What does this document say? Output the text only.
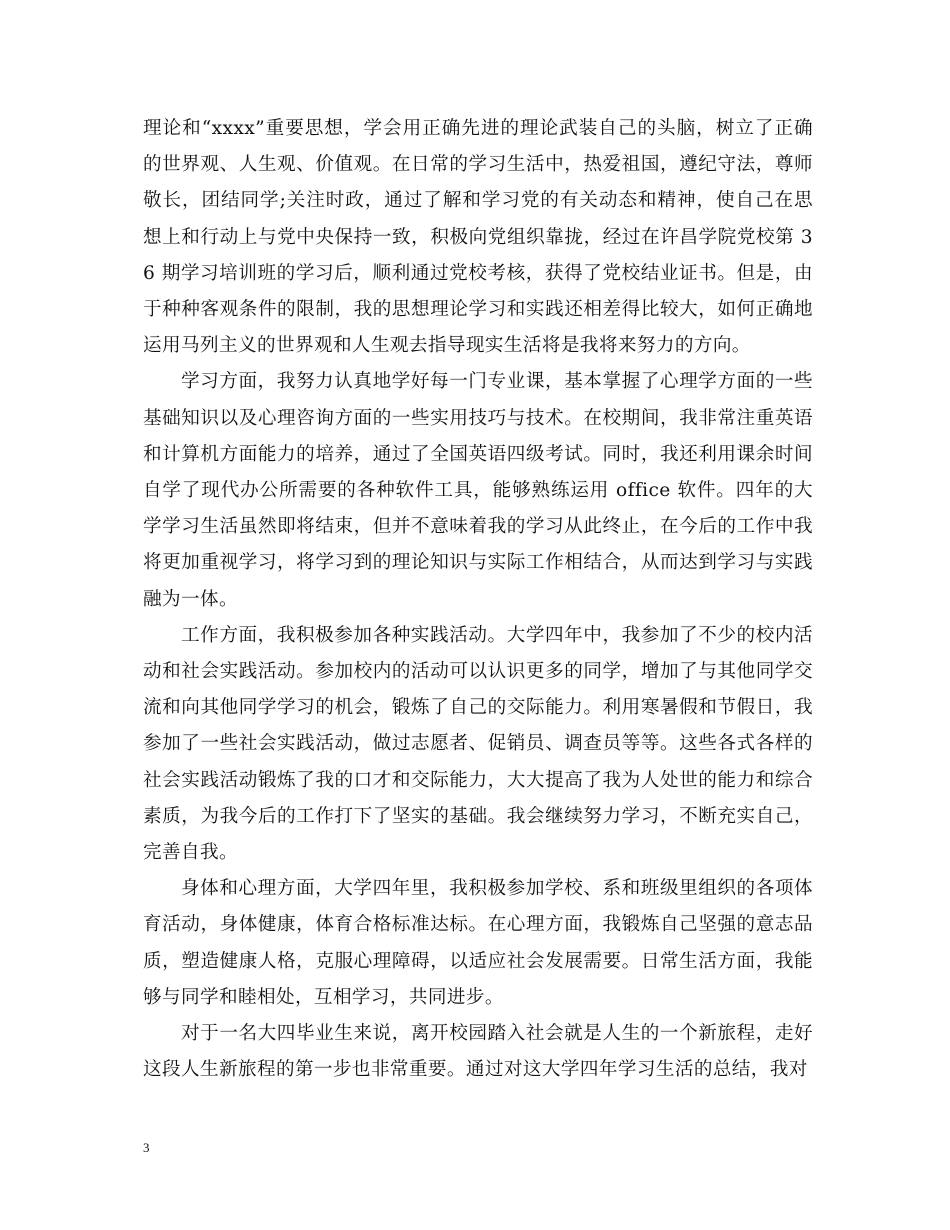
理论和“xxxx”重要思想，学会用正确先进的理论武装自己的头脑，树立了正确的世界观、人生观、价值观。在日常的学习生活中，热爱祖国，遵纪守法，尊师敬长，团结同学;关注时政，通过了解和学习党的有关动态和精神，使自己在思想上和行动上与党中央保持一致，积极向党组织靠拢，经过在许昌学院党校第 36 期学习培训班的学习后，顺利通过党校考核，获得了党校结业证书。但是，由于种种客观条件的限制，我的思想理论学习和实践还相差得比较大，如何正确地运用马列主义的世界观和人生观去指导现实生活将是我将来努力的方向。

学习方面，我努力认真地学好每一门专业课，基本掌握了心理学方面的一些基础知识以及心理咨询方面的一些实用技巧与技术。在校期间，我非常注重英语和计算机方面能力的培养，通过了全国英语四级考试。同时，我还利用课余时间自学了现代办公所需要的各种软件工具，能够熟练运用 office 软件。四年的大学学习生活虽然即将结束，但并不意味着我的学习从此终止，在今后的工作中我将更加重视学习，将学习到的理论知识与实际工作相结合，从而达到学习与实践融为一体。

工作方面，我积极参加各种实践活动。大学四年中，我参加了不少的校内活动和社会实践活动。参加校内的活动可以认识更多的同学，增加了与其他同学交流和向其他同学学习的机会，锻炼了自己的交际能力。利用寒暑假和节假日，我参加了一些社会实践活动，做过志愿者、促销员、调查员等等。这些各式各样的社会实践活动锻炼了我的口才和交际能力，大大提高了我为人处世的能力和综合素质，为我今后的工作打下了坚实的基础。我会继续努力学习，不断充实自己，完善自我。

身体和心理方面，大学四年里，我积极参加学校、系和班级里组织的各项体育活动，身体健康，体育合格标准达标。在心理方面，我锻炼自己坚强的意志品质，塑造健康人格，克服心理障碍，以适应社会发展需要。日常生活方面，我能够与同学和睦相处，互相学习，共同进步。

对于一名大四毕业生来说，离开校园踏入社会就是人生的一个新旅程，走好这段人生新旅程的第一步也非常重要。通过对这大学四年学习生活的总结，我对

3
